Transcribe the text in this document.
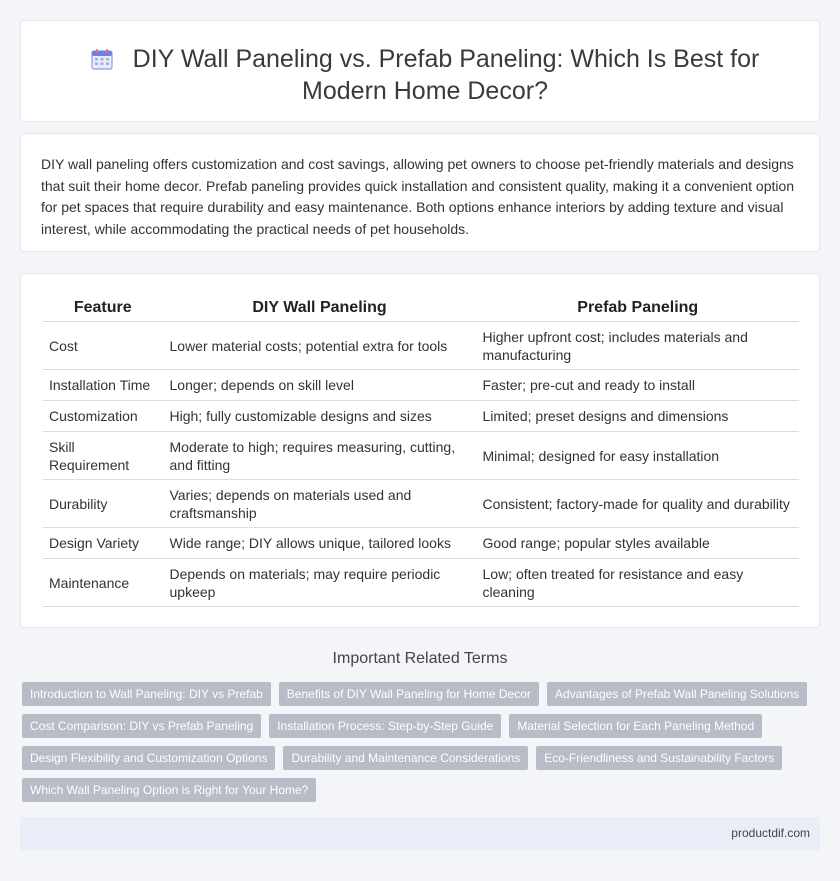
DIY Wall Paneling vs. Prefab Paneling: Which Is Best for Modern Home Decor?

DIY wall paneling offers customization and cost savings, allowing pet owners to choose pet-friendly materials and designs that suit their home decor. Prefab paneling provides quick installation and consistent quality, making it a convenient option for pet spaces that require durability and easy maintenance. Both options enhance interiors by adding texture and visual interest, while accommodating the practical needs of pet households.

Feature	DIY Wall Paneling	Prefab Paneling
Cost	Lower material costs; potential extra for tools	Higher upfront cost; includes materials and manufacturing
Installation Time	Longer; depends on skill level	Faster; pre-cut and ready to install
Customization	High; fully customizable designs and sizes	Limited; preset designs and dimensions
Skill Requirement	Moderate to high; requires measuring, cutting, and fitting	Minimal; designed for easy installation
Durability	Varies; depends on materials used and craftsmanship	Consistent; factory-made for quality and durability
Design Variety	Wide range; DIY allows unique, tailored looks	Good range; popular styles available
Maintenance	Depends on materials; may require periodic upkeep	Low; often treated for resistance and easy cleaning
Important Related Terms
Introduction to Wall Paneling: DIY vs Prefab	Benefits of DIY Wall Paneling for Home Decor	Advantages of Prefab Wall Paneling Solutions
Cost Comparison: DIY vs Prefab Paneling	Installation Process: Step-by-Step Guide	Material Selection for Each Paneling Method
Design Flexibility and Customization Options	Durability and Maintenance Considerations	Eco-Friendliness and Sustainability Factors
Which Wall Paneling Option is Right for Your Home?
productdif.com
